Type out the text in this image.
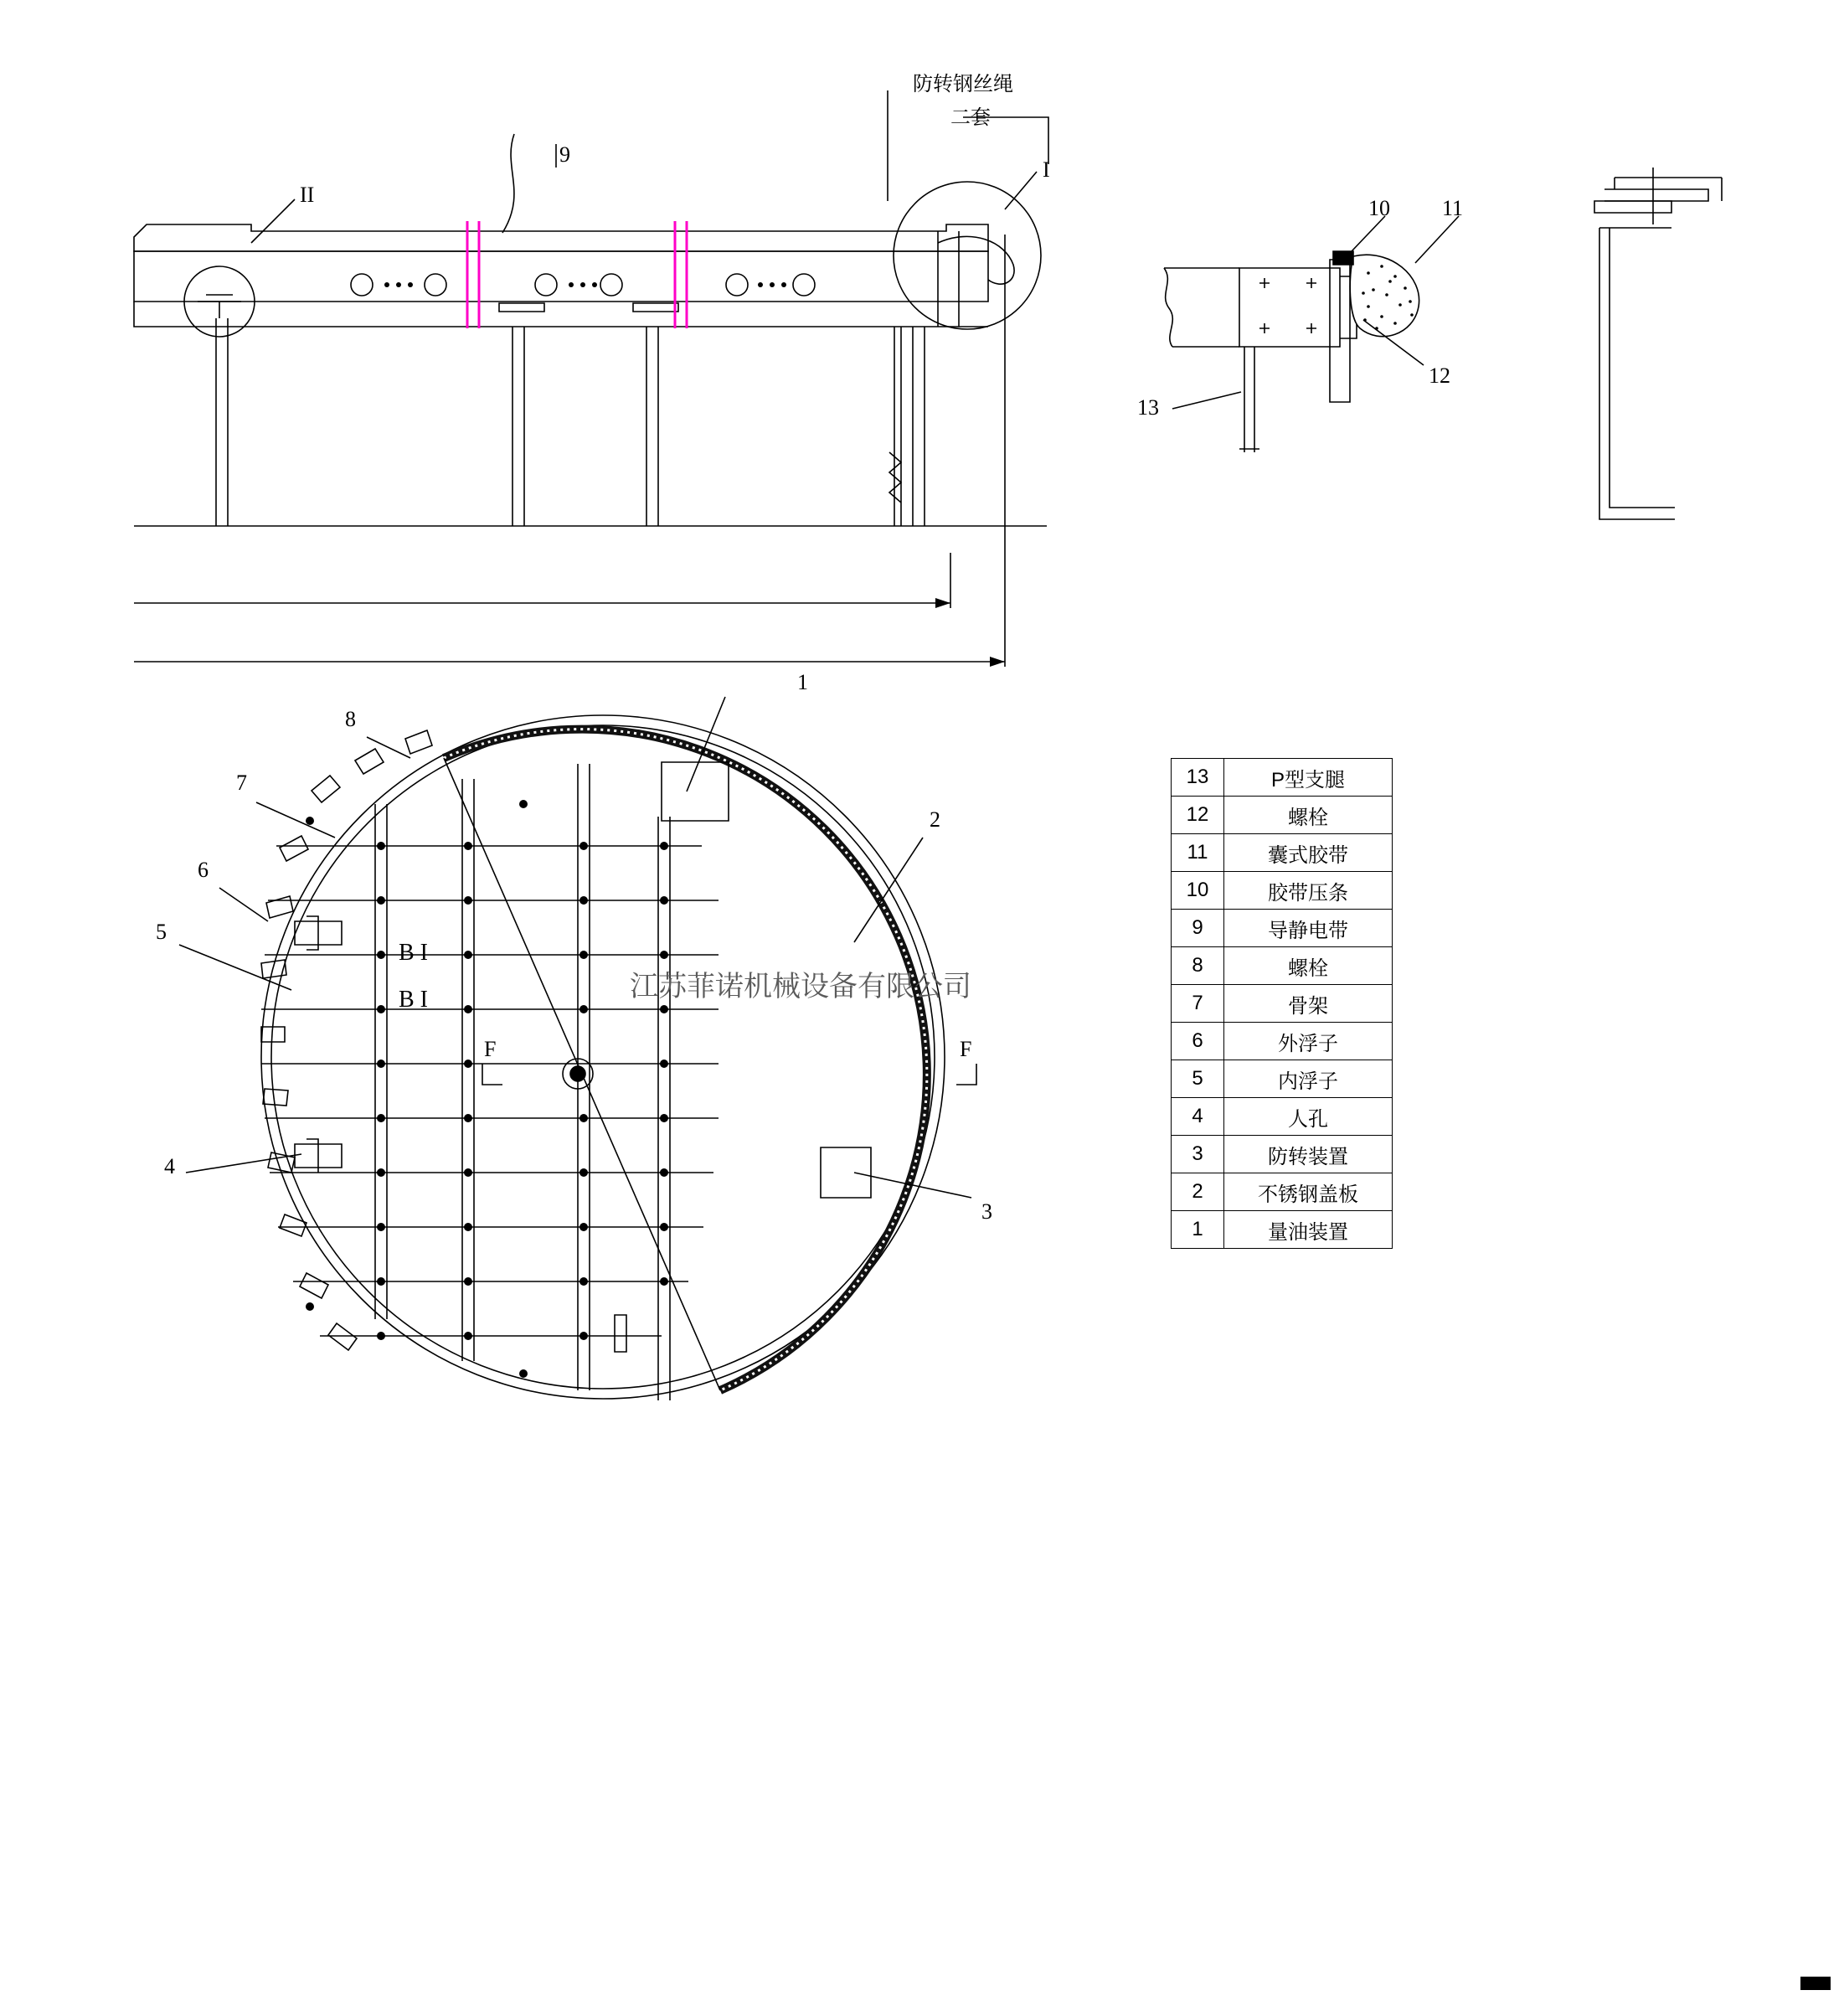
防转钢丝绳
二套
I
II
F	F
9
10 11
12
13
1
2
3
4
5
6
7
8
B I
B I	江苏菲诺机械设备有限公司
13	P型支腿
12	螺栓
11	囊式胶带
10	胶带压条
9	导静电带
8	螺栓
7	骨架
6	外浮子
5	内浮子
4	人孔
3	防转装置
2	不锈钢盖板
1	量油装置
